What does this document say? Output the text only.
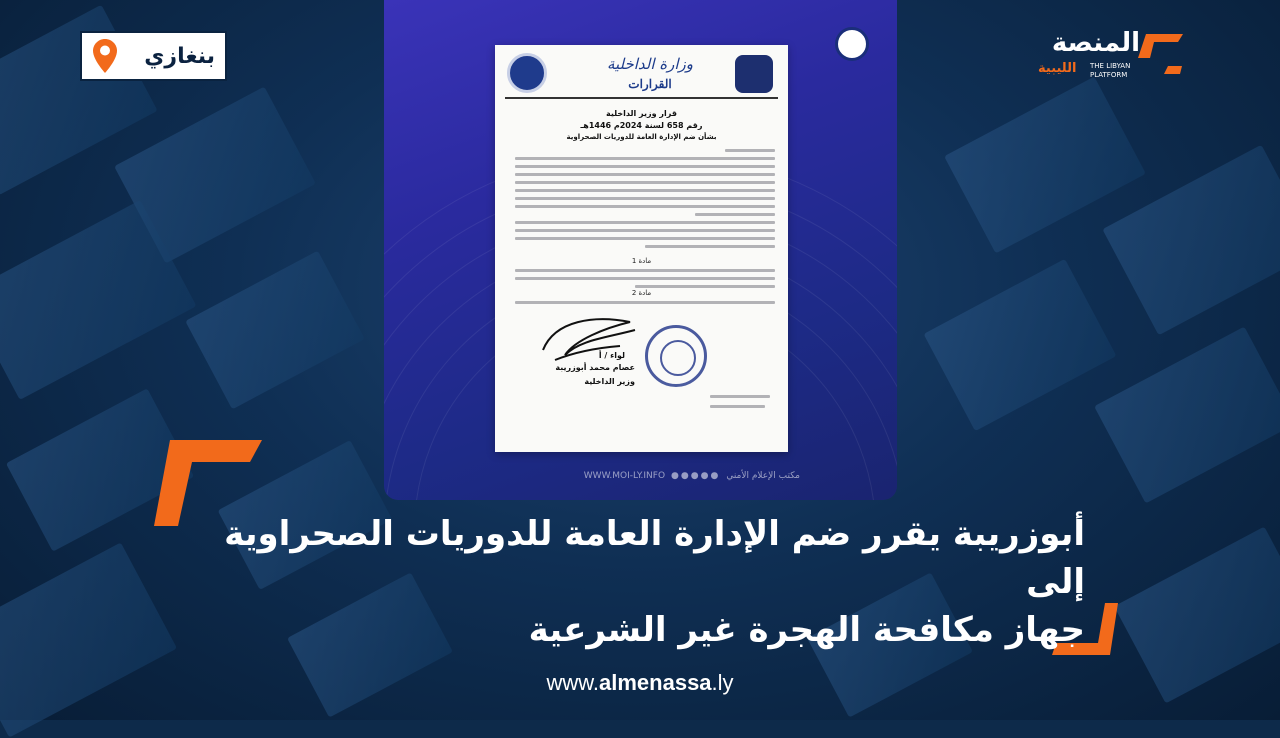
بنغازي	المنصة
الليبية THE LIBYAN
PLATFORM
وزارة الداخلية
القرارات
قرار وزير الداخلية
رقم 658 لسنة 2024م 1446هـ
بشأن ضم الإدارة العامة للدوريات الصحراوية
مادة 1
مادة 2
لواء / أ
عصام محمد أبوزريبة
وزير الداخلية
مكتب الإعلام الأمني
●●●●●
WWW.MOI-LY.INFO
أبوزريبة يقرر ضم الإدارة العامة للدوريات الصحراوية إلى
جهاز مكافحة الهجرة غير الشرعية
www.almenassa.ly
